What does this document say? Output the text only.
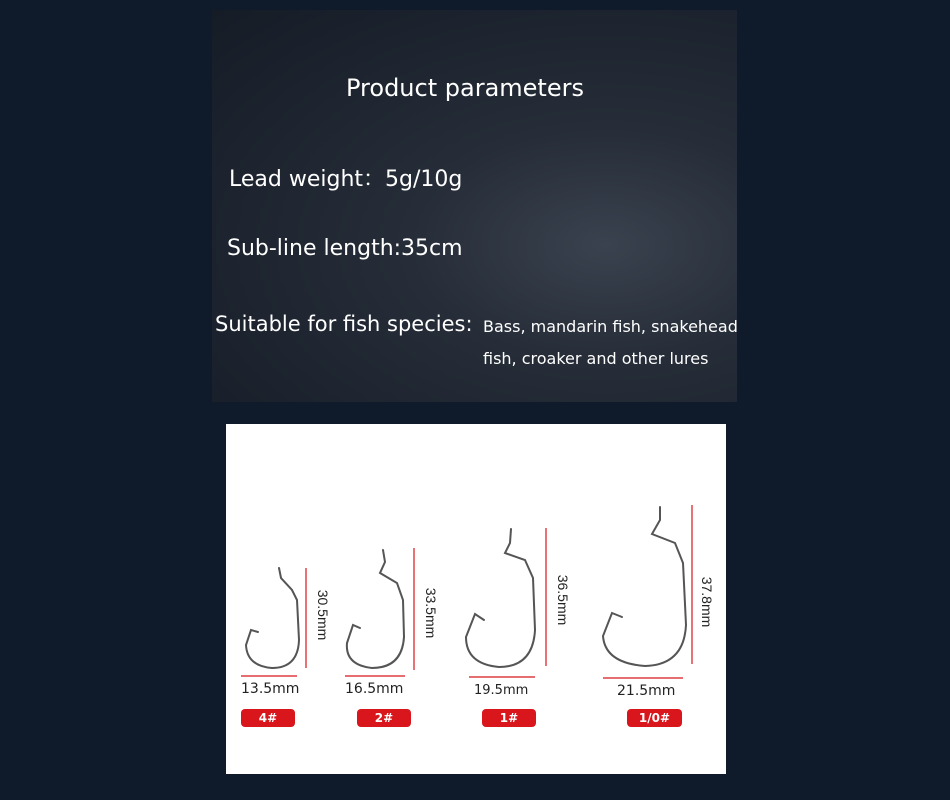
Product parameters
Lead weight：5g/10g
Sub-line length:35cm
Suitable for fish species: Bass, mandarin fish, snakehead
fish, croaker and other lures
30.5mm	33.5mm	36.5mm	37.8mm
13.5mm	16.5mm	19.5mm	21.5mm
4#	2#	1#	1/0#
